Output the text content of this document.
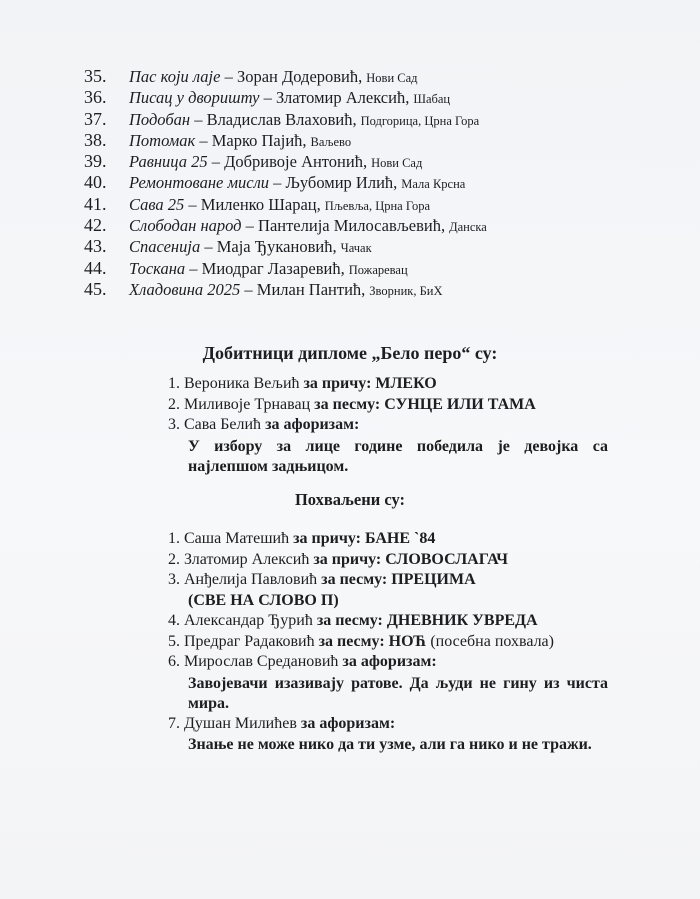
35.	Пас који лаје – Зоран Додеровић, Нови Сад
36.	Писац у дворишту – Златомир Алексић, Шабац
37.	Подобан – Владислав Влаховић, Подгорица, Црна Гора
38.	Потомак – Марко Пајић, Ваљево
39.	Равница 25 – Добривоје Антонић, Нови Сад
40.	Ремонтоване мисли – Љубомир Илић, Мала Крсна
41.	Сава 25 – Миленко Шарац, Пљевља, Црна Гора
42.	Слободан народ – Пантелија Милосављевић, Данска
43.	Спасенија – Маја Ђукановић, Чачак
44.	Тоскана – Миодраг Лазаревић, Пожаревац
45.	Хладовина 2025 – Милан Пантић, Зворник, БиХ
Добитници дипломе „Бело перо“ су:
1. Вероника Вељић
за причу:
МЛЕКО
2. Миливоје Трнавац
за песму:
СУНЦЕ ИЛИ ТАМА
3. Сава Белић
за афоризам:
У избору за лице године победила је девојка са најлепшом задњицом.
Похваљени су:
1. Саша Матешић
за причу:
БАНЕ `84
2. Златомир Алексић
за причу:
СЛОВОСЛАГАЧ
3. Анђелија Павловић
за песму:
ПРЕЦИМА
(СВЕ НА СЛОВО П)
4. Александар Ђурић
за песму:
ДНЕВНИК УВРЕДА
5. Предраг Радаковић
за песму:
НОЋ
(посебна похвала)
6. Мирослав Средановић
за афоризам:
Завојевачи изазивају ратове. Да људи не гину из чиста мира.
7. Душан Милићев
за афоризам:
Знање не може нико да ти узме, али га нико и не тражи.
